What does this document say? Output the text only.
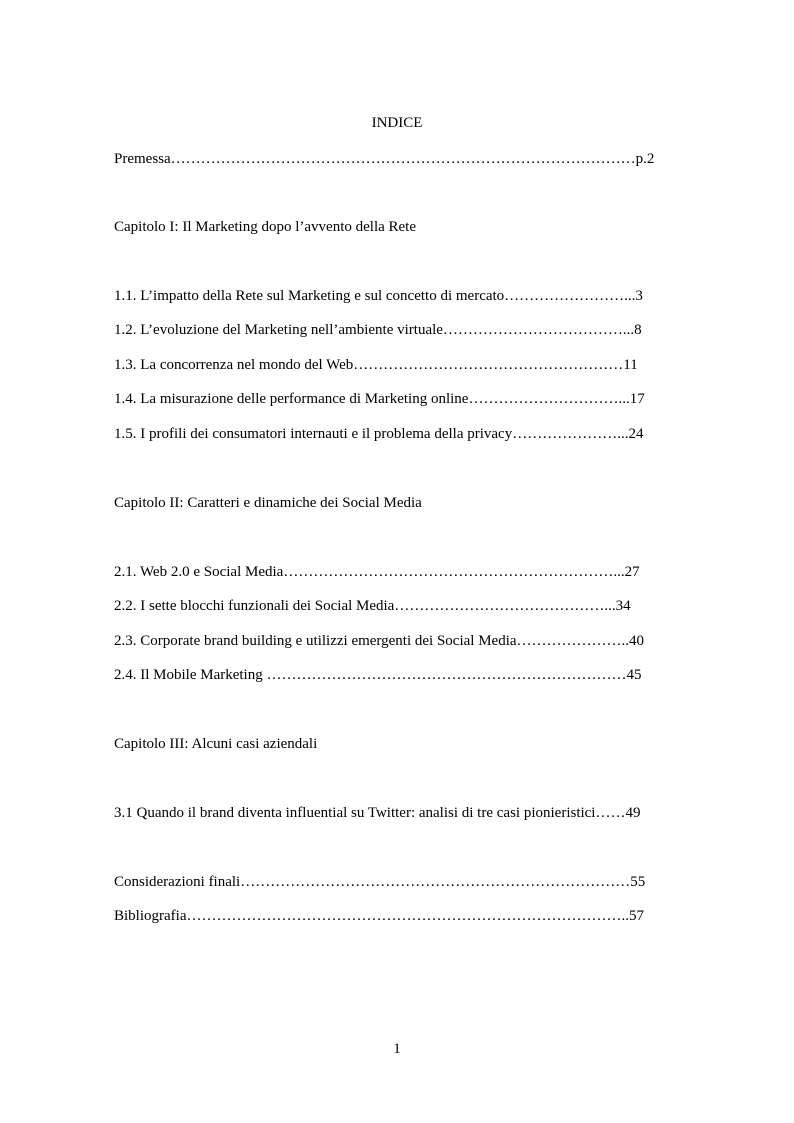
INDICE
Premessa…………………………………………………………………………………p.2
Capitolo I: Il Marketing dopo l’avvento della Rete
1.1. L’impatto della Rete sul Marketing e sul concetto di mercato……………………...3
1.2. L’evoluzione del Marketing nell’ambiente virtuale………………………………...8
1.3. La concorrenza nel mondo del Web………………………………………………11
1.4. La misurazione delle performance di Marketing online…………………………...17
1.5. I profili dei consumatori internauti e il problema della privacy…………………...24
Capitolo II: Caratteri e dinamiche dei Social Media
2.1. Web 2.0 e Social Media…………………………………………………………...27
2.2. I sette blocchi funzionali dei Social Media……………………………………...34
2.3. Corporate brand building e utilizzi emergenti dei Social Media…………………..40
2.4. Il Mobile Marketing ………………………………………………………………45
Capitolo III: Alcuni casi aziendali
3.1 Quando il brand diventa influential su Twitter: analisi di tre casi pionieristici……49
Considerazioni finali……………………………………………………………………55
Bibliografia……………………………………………………………………………..57
1
